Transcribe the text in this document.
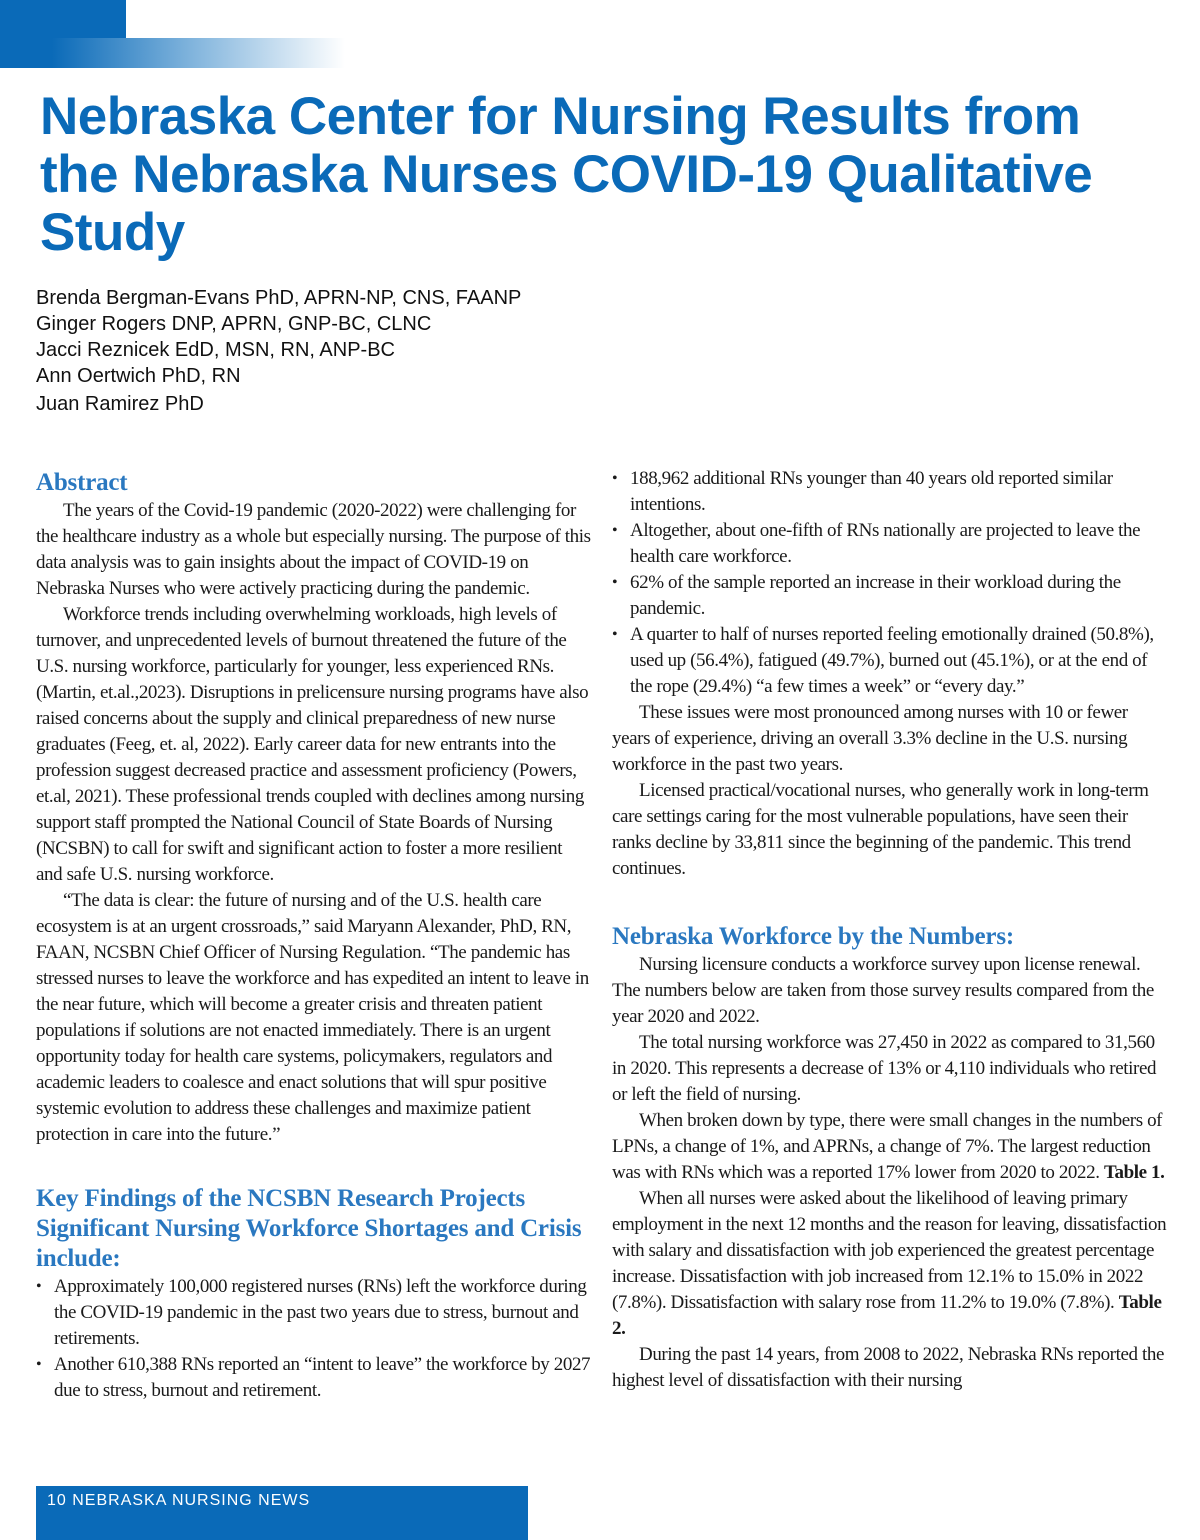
Nebraska Center for Nursing Results from the Nebraska Nurses COVID-19 Qualitative Study
Brenda Bergman-Evans PhD, APRN-NP, CNS, FAANP
Ginger Rogers DNP, APRN, GNP-BC, CLNC
Jacci Reznicek EdD, MSN, RN, ANP-BC
Ann Oertwich PhD, RN
Juan Ramirez PhD
Abstract

The years of the Covid-19 pandemic (2020-2022) were challenging for the healthcare industry as a whole but especially nursing. The purpose of this data analysis was to gain insights about the impact of COVID-19 on Nebraska Nurses who were actively practicing during the pandemic.

Workforce trends including overwhelming workloads, high levels of turnover, and unprecedented levels of burnout threatened the future of the U.S. nursing workforce, particularly for younger, less experienced RNs. (Martin, et.al.,2023). Disruptions in prelicensure nursing programs have also raised concerns about the supply and clinical preparedness of new nurse graduates (Feeg, et. al, 2022). Early career data for new entrants into the profession suggest decreased practice and assessment proficiency (Powers, et.al, 2021). These professional trends coupled with declines among nursing support staff prompted the National Council of State Boards of Nursing (NCSBN) to call for swift and significant action to foster a more resilient and safe U.S. nursing workforce.

“The data is clear: the future of nursing and of the U.S. health care ecosystem is at an urgent crossroads,” said Maryann Alexander, PhD, RN, FAAN, NCSBN Chief Officer of Nursing Regulation. “The pandemic has stressed nurses to leave the workforce and has expedited an intent to leave in the near future, which will become a greater crisis and threaten patient populations if solutions are not enacted immediately. There is an urgent opportunity today for health care systems, policymakers, regulators and academic leaders to coalesce and enact solutions that will spur positive systemic evolution to address these challenges and maximize patient protection in care into the future.”

Key Findings of the NCSBN Research Projects Significant Nursing Workforce Shortages and Crisis include:
• Approximately 100,000 registered nurses (RNs) left the workforce during the COVID-19 pandemic in the past two years due to stress, burnout and retirements.
• Another 610,388 RNs reported an “intent to leave” the workforce by 2027 due to stress, burnout and retirement.
• 188,962 additional RNs younger than 40 years old reported similar intentions.
• Altogether, about one-fifth of RNs nationally are projected to leave the health care workforce.
• 62% of the sample reported an increase in their workload during the pandemic.
• A quarter to half of nurses reported feeling emotionally drained (50.8%), used up (56.4%), fatigued (49.7%), burned out (45.1%), or at the end of the rope (29.4%) “a few times a week” or “every day.”

These issues were most pronounced among nurses with 10 or fewer years of experience, driving an overall 3.3% decline in the U.S. nursing workforce in the past two years.

Licensed practical/vocational nurses, who generally work in long-term care settings caring for the most vulnerable populations, have seen their ranks decline by 33,811 since the beginning of the pandemic. This trend continues.

Nebraska Workforce by the Numbers:

Nursing licensure conducts a workforce survey upon license renewal. The numbers below are taken from those survey results compared from the year 2020 and 2022.

The total nursing workforce was 27,450 in 2022 as compared to 31,560 in 2020. This represents a decrease of 13% or 4,110 individuals who retired or left the field of nursing.

When broken down by type, there were small changes in the numbers of LPNs, a change of 1%, and APRNs, a change of 7%. The largest reduction was with RNs which was a reported 17% lower from 2020 to 2022. Table 1.

When all nurses were asked about the likelihood of leaving primary employment in the next 12 months and the reason for leaving, dissatisfaction with salary and dissatisfaction with job experienced the greatest percentage increase. Dissatisfaction with job increased from 12.1% to 15.0% in 2022 (7.8%). Dissatisfaction with salary rose from 11.2% to 19.0% (7.8%). Table 2.

During the past 14 years, from 2008 to 2022, Nebraska RNs reported the highest level of dissatisfaction with their nursing

10 NEBRASKA NURSING NEWS
